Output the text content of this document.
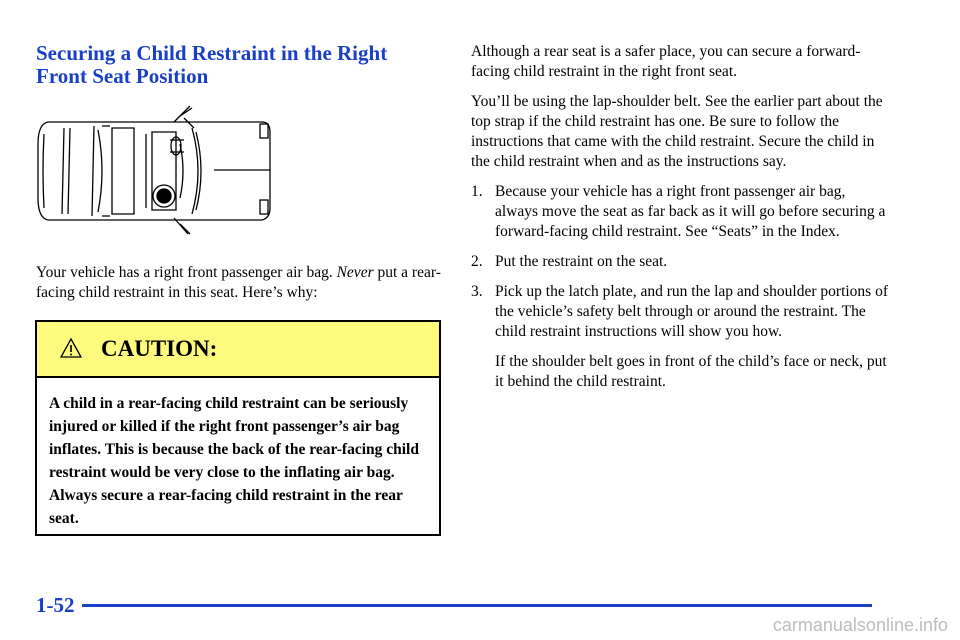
Securing a Child Restraint in the Right Front Seat Position
Your vehicle has a right front passenger air bag. Never put a rear-facing child restraint in this seat. Here’s why:
CAUTION:
A child in a rear-facing child restraint can be seriously injured or killed if the right front passenger’s air bag inflates. This is because the back of the rear-facing child restraint would be very close to the inflating air bag. Always secure a rear-facing child restraint in the rear seat.

Although a rear seat is a safer place, you can secure a forward-facing child restraint in the right front seat.

You’ll be using the lap-shoulder belt. See the earlier part about the top strap if the child restraint has one. Be sure to follow the instructions that came with the child restraint. Secure the child in the child restraint when and as the instructions say.

1. Because your vehicle has a right front passenger air bag, always move the seat as far back as it will go before securing a forward-facing child restraint. See “Seats” in the Index.

2. Put the restraint on the seat.

3. Pick up the latch plate, and run the lap and shoulder portions of the vehicle’s safety belt through or around the restraint. The child restraint instructions will show you how.

If the shoulder belt goes in front of the child’s face or neck, put it behind the child restraint.

1-52
carmanualsonline.info
